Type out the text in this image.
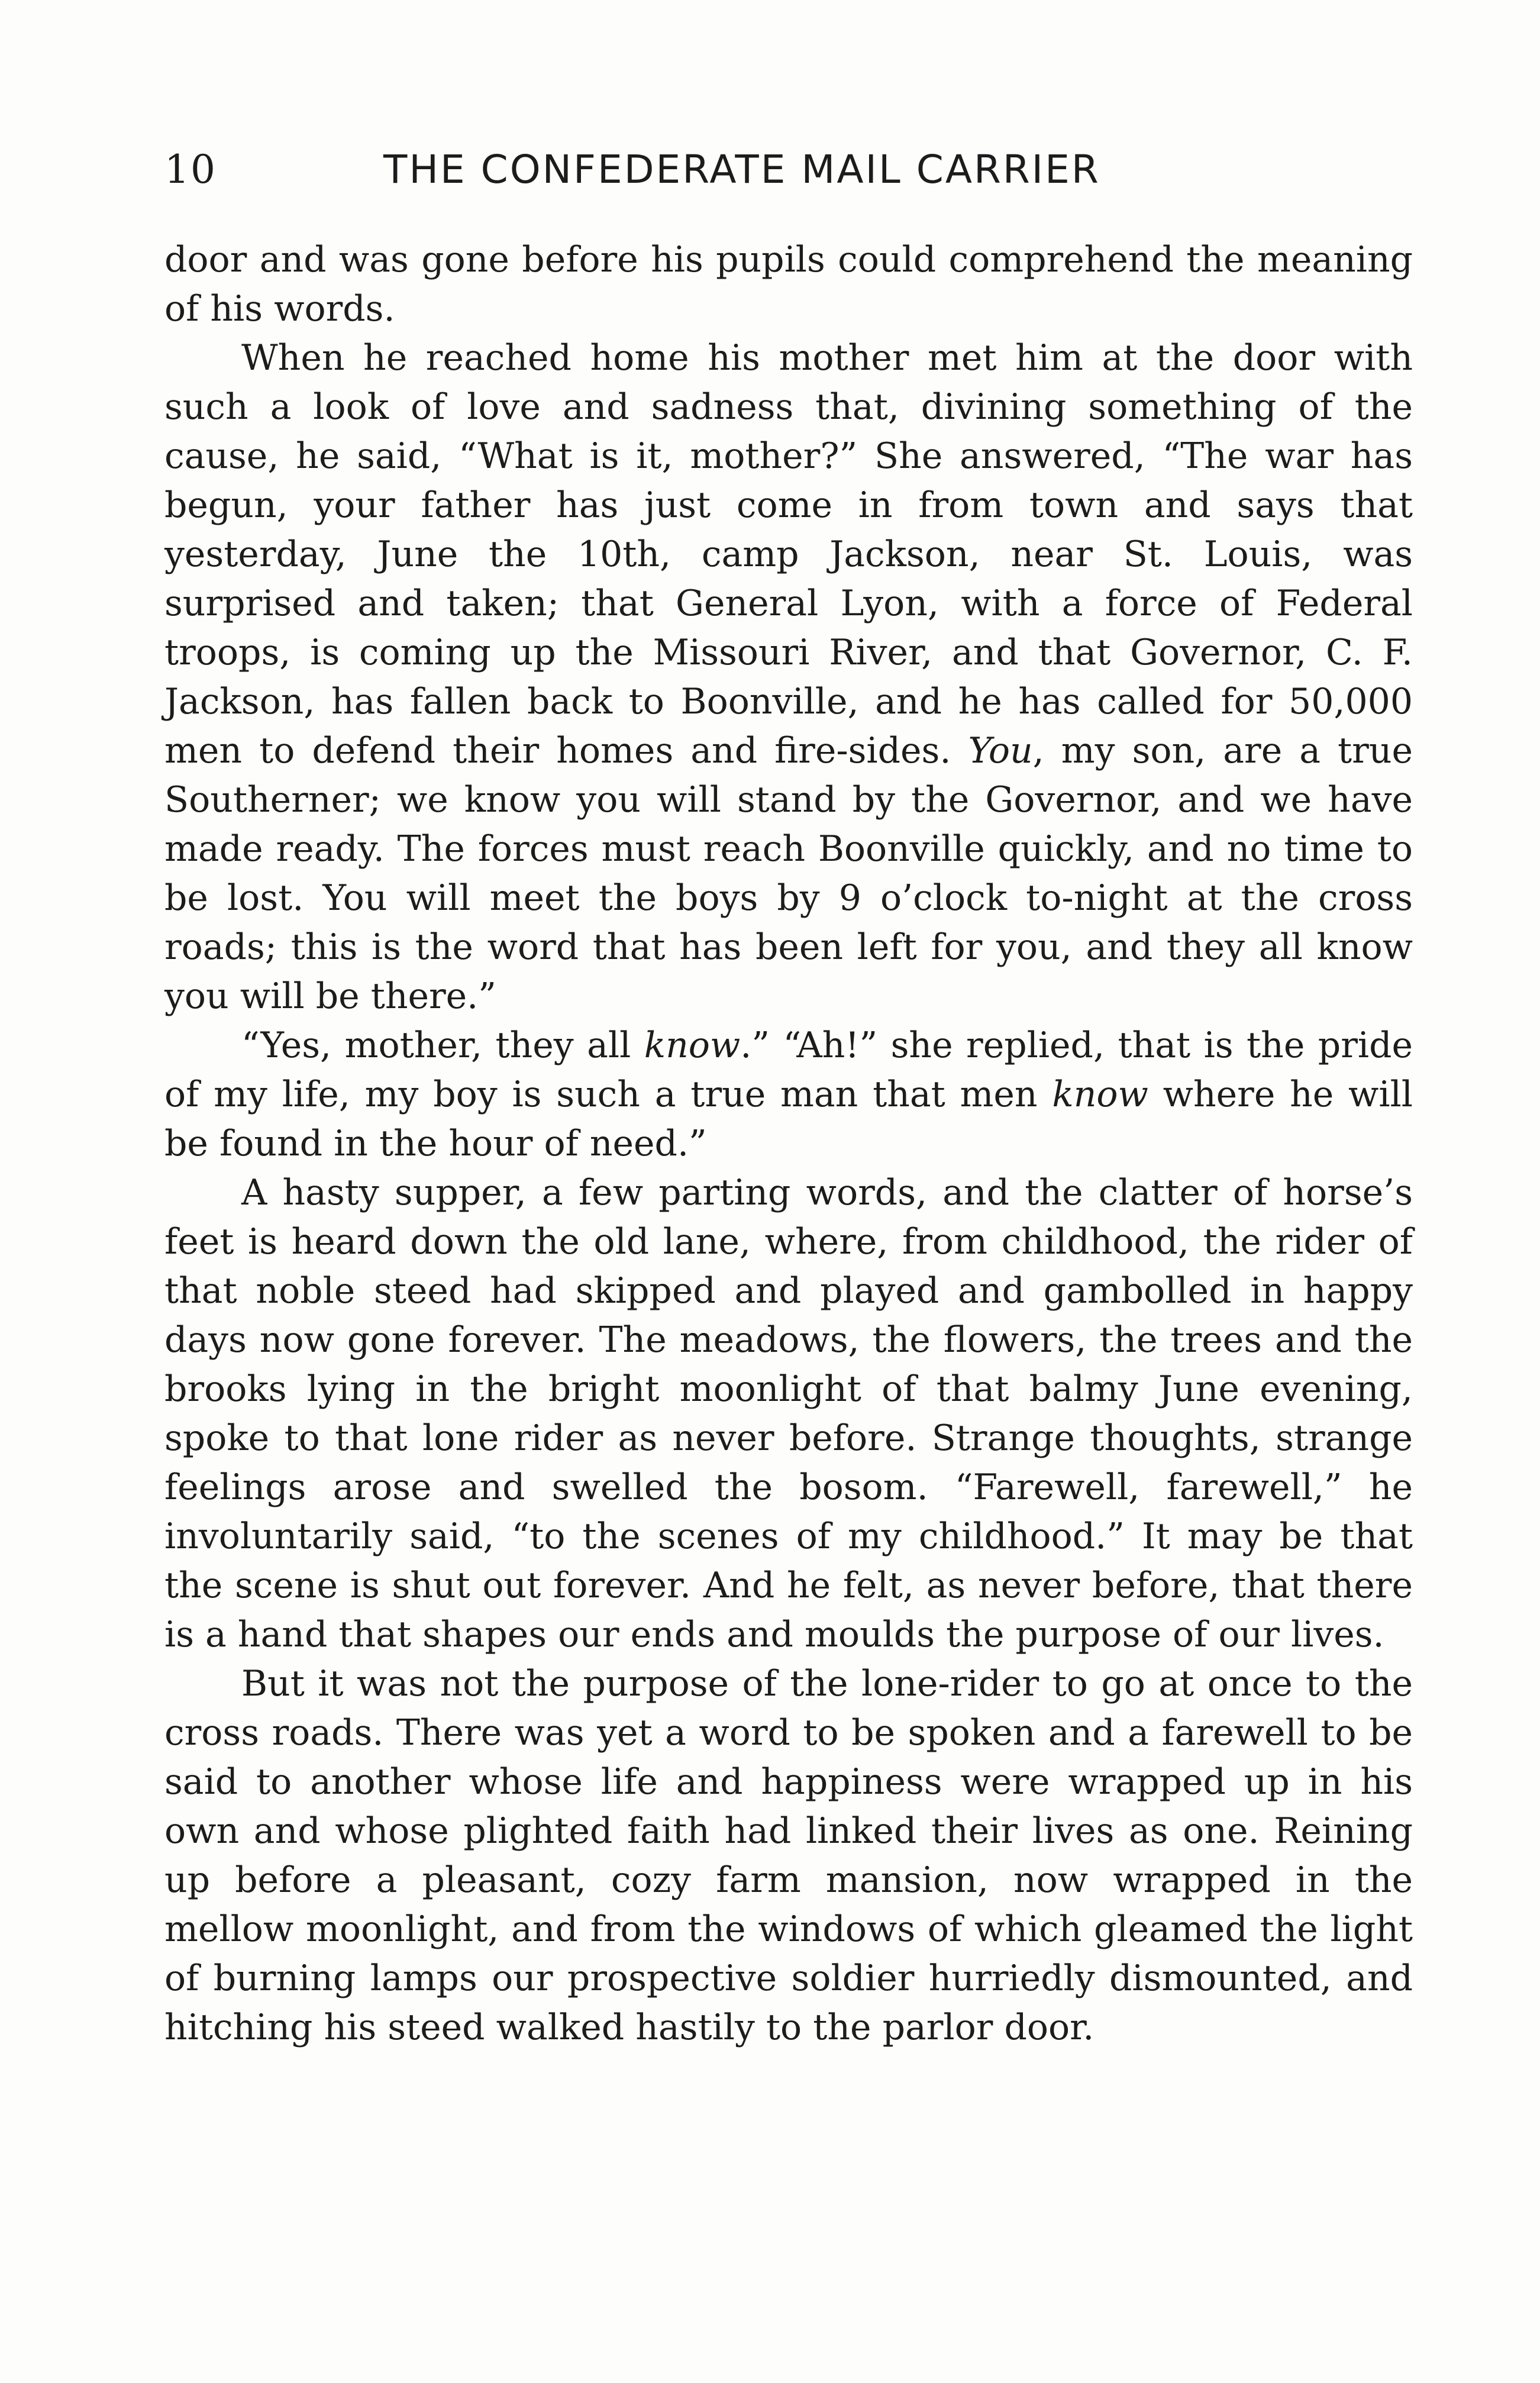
10	THE CONFEDERATE MAIL CARRIER

door and was gone before his pupils could comprehend the meaning of his words.

When he reached home his mother met him at the door with such a look of love and sadness that, divining something of the cause, he said, “What is it, mother?” She answered, “The war has begun, your father has just come in from town and says that yesterday, June the 10th, camp Jackson, near St. Louis, was surprised and taken; that General Lyon, with a force of Federal troops, is coming up the Missouri River, and that Governor, C. F. Jackson, has fallen back to Boonville, and he has called for 50,000 men to defend their homes and fire-sides. You, my son, are a true Southerner; we know you will stand by the Governor, and we have made ready. The forces must reach Boonville quickly, and no time to be lost. You will meet the boys by 9 o’clock to-night at the cross roads; this is the word that has been left for you, and they all know you will be there.”

“Yes, mother, they all know.” “Ah!” she replied, that is the pride of my life, my boy is such a true man that men know where he will be found in the hour of need.”

A hasty supper, a few parting words, and the clatter of horse’s feet is heard down the old lane, where, from childhood, the rider of that noble steed had skipped and played and gambolled in happy days now gone forever. The meadows, the flowers, the trees and the brooks lying in the bright moonlight of that balmy June evening, spoke to that lone rider as never before. Strange thoughts, strange feelings arose and swelled the bosom. “Farewell, farewell,” he involuntarily said, “to the scenes of my childhood.” It may be that the scene is shut out forever. And he felt, as never before, that there is a hand that shapes our ends and moulds the purpose of our lives.

But it was not the purpose of the lone-rider to go at once to the cross roads. There was yet a word to be spoken and a farewell to be said to another whose life and happiness were wrapped up in his own and whose plighted faith had linked their lives as one. Reining up before a pleasant, cozy farm mansion, now wrapped in the mellow moonlight, and from the windows of which gleamed the light of burning lamps our prospective soldier hurriedly dismounted, and hitching his steed walked hastily to the parlor door.
